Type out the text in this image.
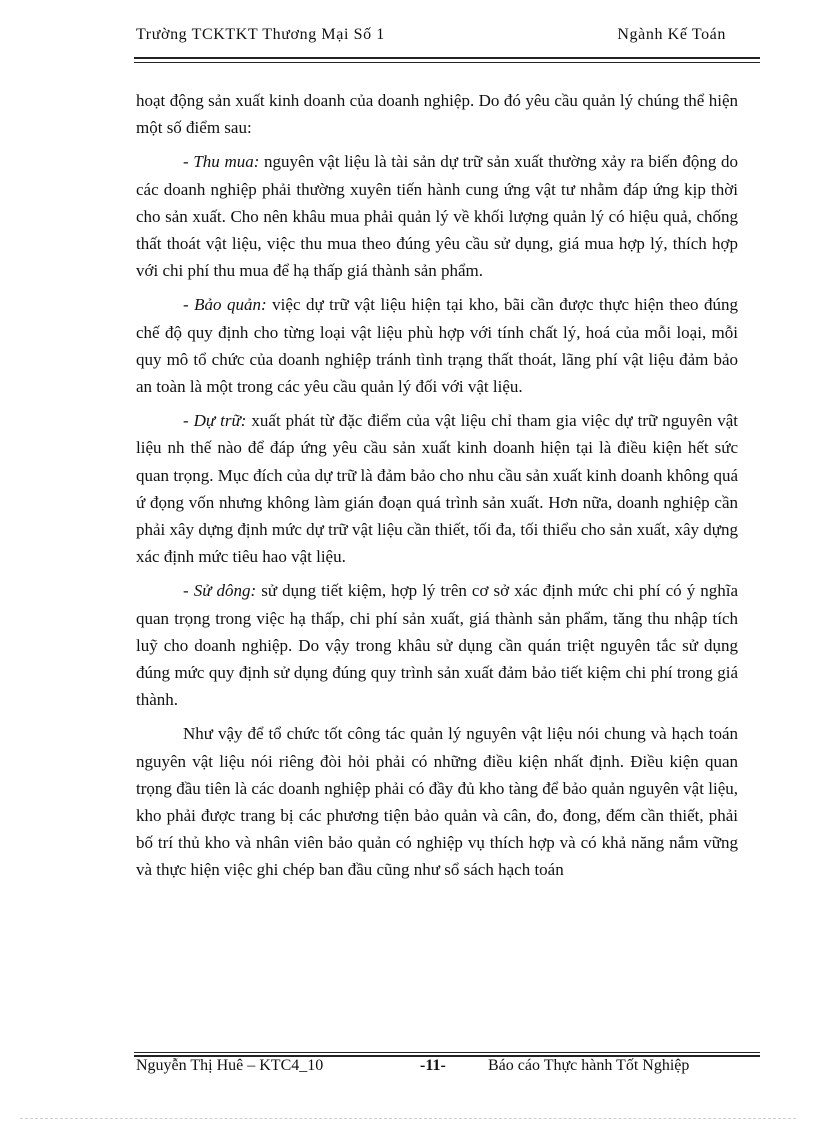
Trường TCKTKT Thương Mại Số 1	Ngành Kế Toán

hoạt động sản xuất kinh doanh của doanh nghiệp. Do đó yêu cầu quản lý chúng thể hiện một số điểm sau:

- Thu mua: nguyên vật liệu là tài sản dự trữ sản xuất thường xảy ra biến động do các doanh nghiệp phải thường xuyên tiến hành cung ứng vật tư nhằm đáp ứng kịp thời cho sản xuất. Cho nên khâu mua phải quản lý về khối lượng quản lý có hiệu quả, chống thất thoát vật liệu, việc thu mua theo đúng yêu cầu sử dụng, giá mua hợp lý, thích hợp với chi phí thu mua để hạ thấp giá thành sản phẩm.

- Bảo quản: việc dự trữ vật liệu hiện tại kho, bãi cần được thực hiện theo đúng chế độ quy định cho từng loại vật liệu phù hợp với tính chất lý, hoá của mỗi loại, mỗi quy mô tổ chức của doanh nghiệp tránh tình trạng thất thoát, lãng phí vật liệu đảm bảo an toàn là một trong các yêu cầu quản lý đối với vật liệu.

- Dự trữ: xuất phát từ đặc điểm của vật liệu chỉ tham gia việc dự trữ nguyên vật liệu nh thế nào để đáp ứng yêu cầu sản xuất kinh doanh hiện tại là điều kiện hết sức quan trọng. Mục đích của dự trữ là đảm bảo cho nhu cầu sản xuất kinh doanh không quá ứ đọng vốn nhưng không làm gián đoạn quá trình sản xuất. Hơn nữa, doanh nghiệp cần phải xây dựng định mức dự trữ vật liệu cần thiết, tối đa, tối thiểu cho sản xuất, xây dựng xác định mức tiêu hao vật liệu.

- Sử dông: sử dụng tiết kiệm, hợp lý trên cơ sở xác định mức chi phí có ý nghĩa quan trọng trong việc hạ thấp, chi phí sản xuất, giá thành sản phẩm, tăng thu nhập tích luỹ cho doanh nghiệp. Do vậy trong khâu sử dụng cần quán triệt nguyên tắc sử dụng đúng mức quy định sử dụng đúng quy trình sản xuất đảm bảo tiết kiệm chi phí trong giá thành.

Như vậy để tổ chức tốt công tác quản lý nguyên vật liệu nói chung và hạch toán nguyên vật liệu nói riêng đòi hỏi phải có những điều kiện nhất định. Điều kiện quan trọng đầu tiên là các doanh nghiệp phải có đầy đủ kho tàng để bảo quản nguyên vật liệu, kho phải được trang bị các phương tiện bảo quản và cân, đo, đong, đếm cần thiết, phải bố trí thủ kho và nhân viên bảo quản có nghiệp vụ thích hợp và có khả năng nắm vững và thực hiện việc ghi chép ban đầu cũng như sổ sách hạch toán

Nguyễn Thị Huê – KTC4_10	-11-	Báo cáo Thực hành Tốt Nghiệp
